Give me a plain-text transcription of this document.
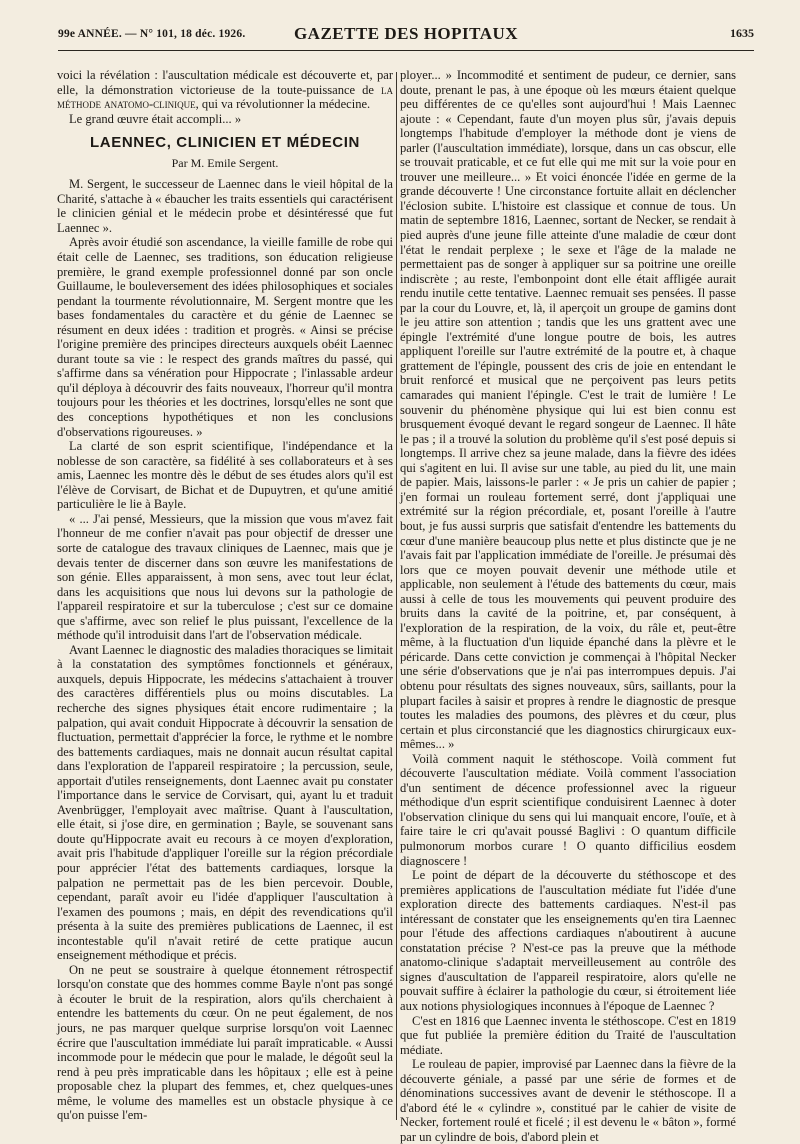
99e ANNÉE. — N° 101, 18 déc. 1926.	GAZETTE DES HOPITAUX	1635

voici la révélation : l'auscultation médicale est découverte et, par elle, la démonstration victorieuse de la toute-puissance de la méthode anatomo-clinique, qui va révolutionner la médecine.

Le grand œuvre était accompli... »

LAENNEC, CLINICIEN ET MÉDECIN
Par M. Emile Sergent.

M. Sergent, le successeur de Laennec dans le vieil hôpital de la Charité, s'attache à « ébaucher les traits essentiels qui caractérisent le clinicien génial et le médecin probe et désintéressé que fut Laennec ».

Après avoir étudié son ascendance, la vieille famille de robe qui était celle de Laennec, ses traditions, son éducation religieuse première, le grand exemple professionnel donné par son oncle Guillaume, le bouleversement des idées philosophiques et sociales pendant la tourmente révolutionnaire, M. Sergent montre que les bases fondamentales du caractère et du génie de Laennec se résument en deux idées : tradition et progrès. « Ainsi se précise l'origine première des principes directeurs auxquels obéit Laennec durant toute sa vie : le respect des grands maîtres du passé, qui s'affirme dans sa vénération pour Hippocrate ; l'inlassable ardeur qu'il déploya à découvrir des faits nouveaux, l'horreur qu'il montra toujours pour les théories et les doctrines, lorsqu'elles ne sont que des conceptions hypothétiques et non les conclusions d'observations rigoureuses. »

La clarté de son esprit scientifique, l'indépendance et la noblesse de son caractère, sa fidélité à ses collaborateurs et à ses amis, Laennec les montre dès le début de ses études alors qu'il est l'élève de Corvisart, de Bichat et de Dupuytren, et qu'une amitié particulière le lie à Bayle.

« ... J'ai pensé, Messieurs, que la mission que vous m'avez fait l'honneur de me confier n'avait pas pour objectif de dresser une sorte de catalogue des travaux cliniques de Laennec, mais que je devais tenter de discerner dans son œuvre les manifestations de son génie. Elles apparaissent, à mon sens, avec tout leur éclat, dans les acquisitions que nous lui devons sur la pathologie de l'appareil respiratoire et sur la tuberculose ; c'est sur ce domaine que s'affirme, avec son relief le plus puissant, l'excellence de la méthode qu'il introduisit dans l'art de l'observation médicale.

Avant Laennec le diagnostic des maladies thoraciques se limitait à la constatation des symptômes fonctionnels et généraux, auxquels, depuis Hippocrate, les médecins s'attachaient à trouver des caractères différentiels plus ou moins discutables. La recherche des signes physiques était encore rudimentaire ; la palpation, qui avait conduit Hippocrate à découvrir la sensation de fluctuation, permettait d'apprécier la force, le rythme et le nombre des battements cardiaques, mais ne donnait aucun résultat capital dans l'exploration de l'appareil respiratoire ; la percussion, seule, apportait d'utiles renseignements, dont Laennec avait pu constater l'importance dans le service de Corvisart, qui, ayant lu et traduit Avenbrügger, l'employait avec maîtrise. Quant à l'auscultation, elle était, si j'ose dire, en germination ; Bayle, se souvenant sans doute qu'Hippocrate avait eu recours à ce moyen d'exploration, avait pris l'habitude d'appliquer l'oreille sur la région précordiale pour apprécier l'état des battements cardiaques, lorsque la palpation ne permettait pas de les bien percevoir. Double, cependant, paraît avoir eu l'idée d'appliquer l'auscultation à l'examen des poumons ; mais, en dépit des revendications qu'il présenta à la suite des premières publications de Laennec, il est incontestable qu'il n'avait retiré de cette pratique aucun enseignement méthodique et précis.

On ne peut se soustraire à quelque étonnement rétrospectif lorsqu'on constate que des hommes comme Bayle n'ont pas songé à écouter le bruit de la respiration, alors qu'ils cherchaient à entendre les battements du cœur. On ne peut également, de nos jours, ne pas marquer quelque surprise lorsqu'on voit Laennec écrire que l'auscultation immédiate lui paraît impraticable. « Aussi incommode pour le médecin que pour le malade, le dégoût seul la rend à peu près impraticable dans les hôpitaux ; elle est à peine proposable chez la plupart des femmes, et, chez quelques-unes même, le volume des mamelles est un obstacle physique à ce qu'on puisse l'em-

ployer... » Incommodité et sentiment de pudeur, ce dernier, sans doute, prenant le pas, à une époque où les mœurs étaient quelque peu différentes de ce qu'elles sont aujourd'hui ! Mais Laennec ajoute : « Cependant, faute d'un moyen plus sûr, j'avais depuis longtemps l'habitude d'employer la méthode dont je viens de parler (l'auscultation immédiate), lorsque, dans un cas obscur, elle se trouvait praticable, et ce fut elle qui me mit sur la voie pour en trouver une meilleure... » Et voici énoncée l'idée en germe de la grande découverte ! Une circonstance fortuite allait en déclencher l'éclosion subite. L'histoire est classique et connue de tous. Un matin de septembre 1816, Laennec, sortant de Necker, se rendait à pied auprès d'une jeune fille atteinte d'une maladie de cœur dont l'état le rendait perplexe ; le sexe et l'âge de la malade ne permettaient pas de songer à appliquer sur sa poitrine une oreille indiscrète ; au reste, l'embonpoint dont elle était affligée aurait rendu inutile cette tentative. Laennec remuait ses pensées. Il passe par la cour du Louvre, et, là, il aperçoit un groupe de gamins dont le jeu attire son attention ; tandis que les uns grattent avec une épingle l'extrémité d'une longue poutre de bois, les autres appliquent l'oreille sur l'autre extrémité de la poutre et, à chaque grattement de l'épingle, poussent des cris de joie en entendant le bruit renforcé et musical que ne perçoivent pas leurs petits camarades qui manient l'épingle. C'est le trait de lumière ! Le souvenir du phénomène physique qui lui est bien connu est brusquement évoqué devant le regard songeur de Laennec. Il hâte le pas ; il a trouvé la solution du problème qu'il s'est posé depuis si longtemps. Il arrive chez sa jeune malade, dans la fièvre des idées qui s'agitent en lui. Il avise sur une table, au pied du lit, une main de papier. Mais, laissons-le parler : « Je pris un cahier de papier ; j'en formai un rouleau fortement serré, dont j'appliquai une extrémité sur la région précordiale, et, posant l'oreille à l'autre bout, je fus aussi surpris que satisfait d'entendre les battements du cœur d'une manière beaucoup plus nette et plus distincte que je ne l'avais fait par l'application immédiate de l'oreille. Je présumai dès lors que ce moyen pouvait devenir une méthode utile et applicable, non seulement à l'étude des battements du cœur, mais aussi à celle de tous les mouvements qui peuvent produire des bruits dans la cavité de la poitrine, et, par conséquent, à l'exploration de la respiration, de la voix, du râle et, peut-être même, à la fluctuation d'un liquide épanché dans la plèvre et le péricarde. Dans cette conviction je commençai à l'hôpital Necker une série d'observations que je n'ai pas interrompues depuis. J'ai obtenu pour résultats des signes nouveaux, sûrs, saillants, pour la plupart faciles à saisir et propres à rendre le diagnostic de presque toutes les maladies des poumons, des plèvres et du cœur, plus certain et plus circonstancié que les diagnostics chirurgicaux eux-mêmes... »

Voilà comment naquit le stéthoscope. Voilà comment fut découverte l'auscultation médiate. Voilà comment l'association d'un sentiment de décence professionnel avec la rigueur méthodique d'un esprit scientifique conduisirent Laennec à doter l'observation clinique du sens qui lui manquait encore, l'ouïe, et à faire taire le cri qu'avait poussé Baglivi : O quantum difficile pulmonorum morbos curare ! O quanto difficilius eosdem diagnoscere !

Le point de départ de la découverte du stéthoscope et des premières applications de l'auscultation médiate fut l'idée d'une exploration directe des battements cardiaques. N'est-il pas intéressant de constater que les enseignements qu'en tira Laennec pour l'étude des affections cardiaques n'aboutirent à aucune constatation précise ? N'est-ce pas la preuve que la méthode anatomo-clinique s'adaptait merveilleusement au contrôle des signes d'auscultation de l'appareil respiratoire, alors qu'elle ne pouvait suffire à éclairer la pathologie du cœur, si étroitement liée aux notions physiologiques inconnues à l'époque de Laennec ?

C'est en 1816 que Laennec inventa le stéthoscope. C'est en 1819 que fut publiée la première édition du Traité de l'auscultation médiate.

Le rouleau de papier, improvisé par Laennec dans la fièvre de la découverte géniale, a passé par une série de formes et de dénominations successives avant de devenir le stéthoscope. Il a d'abord été le « cylindre », constitué par le cahier de visite de Necker, fortement roulé et ficelé ; il est devenu le « bâton », formé par un cylindre de bois, d'abord plein et
